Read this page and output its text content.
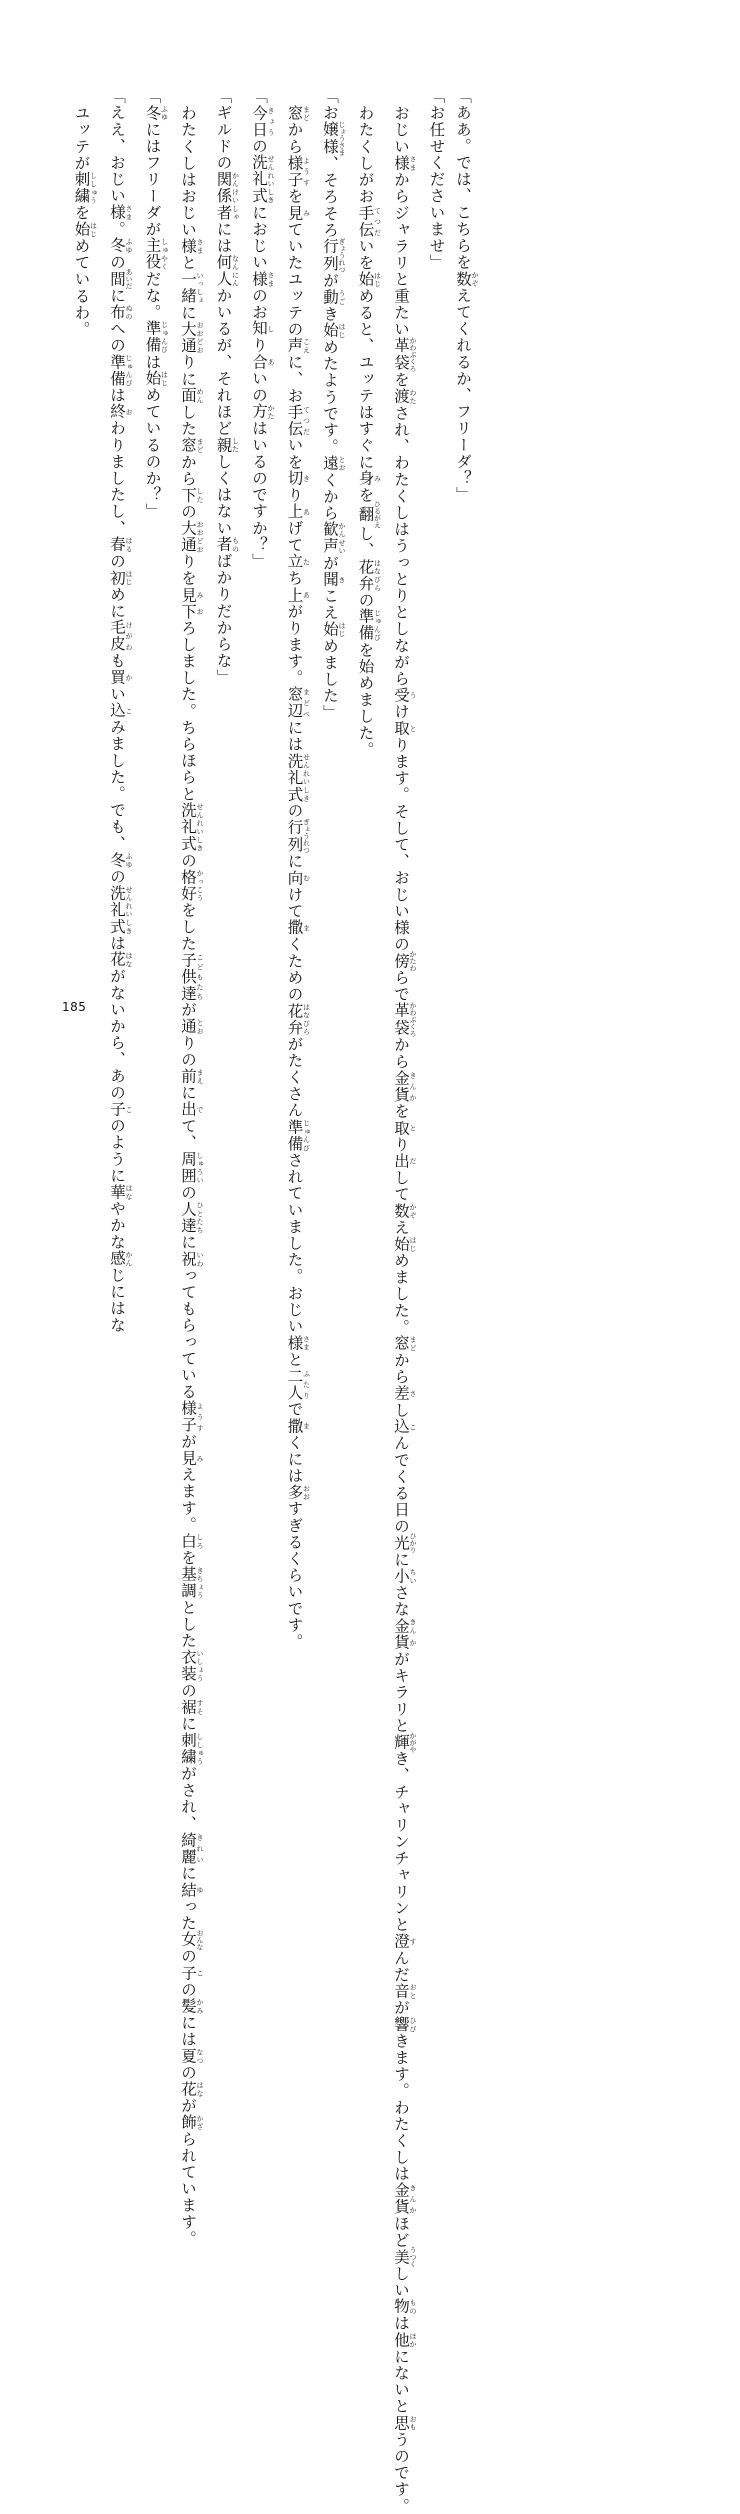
ユッテが刺繍 ししゅうを始 はじめているわ。
「ええ、おじい様 さま。冬 ふゆの間 あいだに布 ぬのへの準備 じゅんびは終 おわりましたし、春 はるの初 はじめに毛皮 けがわも買 かい込 こみました。でも、冬 ふゆの洗礼式 せんれいしきは花 はながないから、あの子 このように華 はなやかな感 かんじにはな
「冬 ふゆにはフリーダが主役 しゅやくだな。準備 じゅんびは始 はじめているのか？」
わたくしはおじい様 さまと一緒 いっしょに大通 おおどおりに面 めんした窓 まどから下 したの大通 おおどおりを見下 みおろしました。ちらほらと洗礼式 せんれいしきの格好 かっこうをした子供達 こどもたちが通 とおりの前 まえに出 でて、周囲 しゅういの人達 ひとたちに祝 いわってもらっている様子 ようすが見 みえます。白 しろを基調 きちょうとした衣装 いしょうの裾 すそに刺繍 ししゅうがされ、綺麗 きれいに結 ゆった女 おんなの子 この髪 かみには夏 なつの花 はなが飾 かざられています。
「ギルドの関係者 かんけいしゃには何人 なんにんかいるが、それほど親 したしくはない者 ものばかりだからな」
「今日 きょうの洗礼式 せんれいしきにおじい様 さまのお知 しり合 あいの方 かたはいるのですか？」
窓 まどから様子 ようすを見 みていたユッテの声 こえに、お手伝 てつだいを切 きり上 あげて立 たち上 あがります。窓辺 まどべには洗礼式 せんれいしきの行列 ぎょうれつに向 むけて撒 まくための花弁 はなびらがたくさん準備 じゅんびされていました。おじい様 さまと二人 ふたりで撒 まくには多 おおすぎるくらいです。
「お嬢様 じょうさま、そろそろ行列 ぎょうれつが動 うごき始 はじめたようです。遠 とおくから歓声 かんせいが聞 きこえ始 はじめました」
わたくしがお手伝 てつだいを始 はじめると、ユッテはすぐに身 みを翻 ひるがえし、花弁 はなびらの準備 じゅんびを始めました。
おじい様 さまからジャラリと重たい革袋 かわぶくろを渡 わたされ、わたくしはうっとりとしながら受 うけ取 とります。そして、おじい様の傍 かたわらで革袋 かわぶくろから金貨 きんかを取 とり出 だして数 かぞえ始 はじめました。窓 まどから差 さし込 こんでくる日の光 ひかりに小 ちいさな金 きん貨 かがキラリと輝 かがやき、チャリンチャリンと澄 すんだ音 おとが響 ひびきます。わたくしは金貨 きんかほど美 うつくしい物 ものは他 ほかにないと思 おもうのです。
「お任せくださいませ」 「ああ。では、こちらを数 かぞえてくれるか、フリーダ？」
185
